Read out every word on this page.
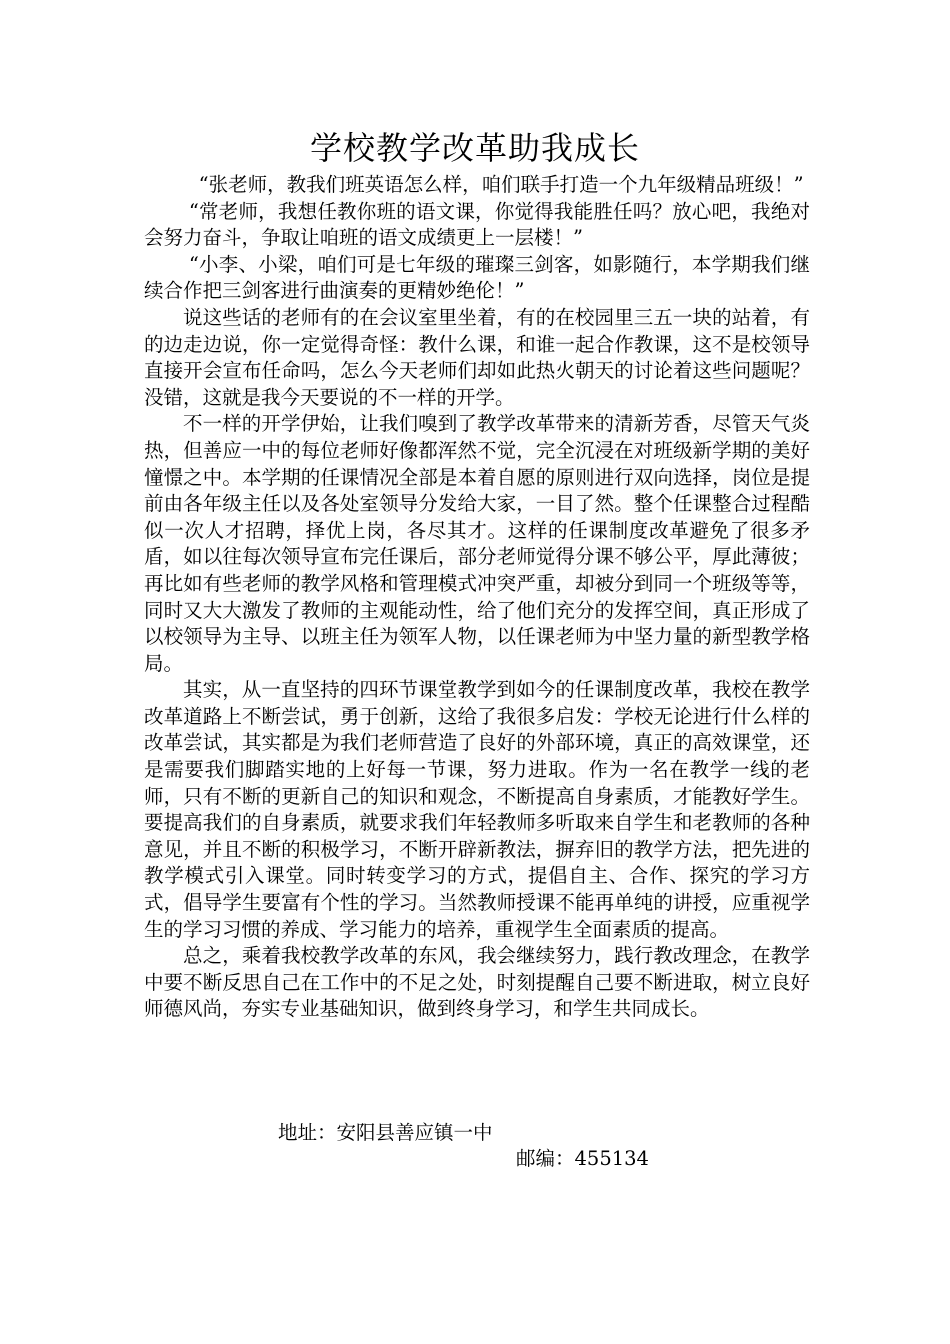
学校教学改革助我成长

“张老师，教我们班英语怎么样，咱们联手打造一个九年级精品班级！”

“常老师，我想任教你班的语文课，你觉得我能胜任吗？放心吧，我绝对会努力奋斗，争取让咱班的语文成绩更上一层楼！”

“小李、小梁，咱们可是七年级的璀璨三剑客，如影随行，本学期我们继续合作把三剑客进行曲演奏的更精妙绝伦！”

说这些话的老师有的在会议室里坐着，有的在校园里三五一块的站着，有的边走边说，你一定觉得奇怪：教什么课，和谁一起合作教课，这不是校领导直接开会宣布任命吗，怎么今天老师们却如此热火朝天的讨论着这些问题呢？没错，这就是我今天要说的不一样的开学。

不一样的开学伊始，让我们嗅到了教学改革带来的清新芳香，尽管天气炎热，但善应一中的每位老师好像都浑然不觉，完全沉浸在对班级新学期的美好憧憬之中。本学期的任课情况全部是本着自愿的原则进行双向选择，岗位是提前由各年级主任以及各处室领导分发给大家，一目了然。整个任课整合过程酷似一次人才招聘，择优上岗，各尽其才。这样的任课制度改革避免了很多矛盾，如以往每次领导宣布完任课后，部分老师觉得分课不够公平，厚此薄彼；再比如有些老师的教学风格和管理模式冲突严重，却被分到同一个班级等等，同时又大大激发了教师的主观能动性，给了他们充分的发挥空间，真正形成了以校领导为主导、以班主任为领军人物，以任课老师为中坚力量的新型教学格局。

其实，从一直坚持的四环节课堂教学到如今的任课制度改革，我校在教学改革道路上不断尝试，勇于创新，这给了我很多启发：学校无论进行什么样的改革尝试，其实都是为我们老师营造了良好的外部环境，真正的高效课堂，还是需要我们脚踏实地的上好每一节课，努力进取。作为一名在教学一线的老师，只有不断的更新自己的知识和观念，不断提高自身素质，才能教好学生。要提高我们的自身素质，就要求我们年轻教师多听取来自学生和老教师的各种意见，并且不断的积极学习，不断开辟新教法，摒弃旧的教学方法，把先进的教学模式引入课堂。同时转变学习的方式，提倡自主、合作、探究的学习方式，倡导学生要富有个性的学习。当然教师授课不能再单纯的讲授，应重视学生的学习习惯的养成、学习能力的培养，重视学生全面素质的提高。

总之，乘着我校教学改革的东风，我会继续努力，践行教改理念，在教学中要不断反思自己在工作中的不足之处，时刻提醒自己要不断进取，树立良好师德风尚，夯实专业基础知识，做到终身学习，和学生共同成长。

地址：安阳县善应镇一中
邮编：455134
